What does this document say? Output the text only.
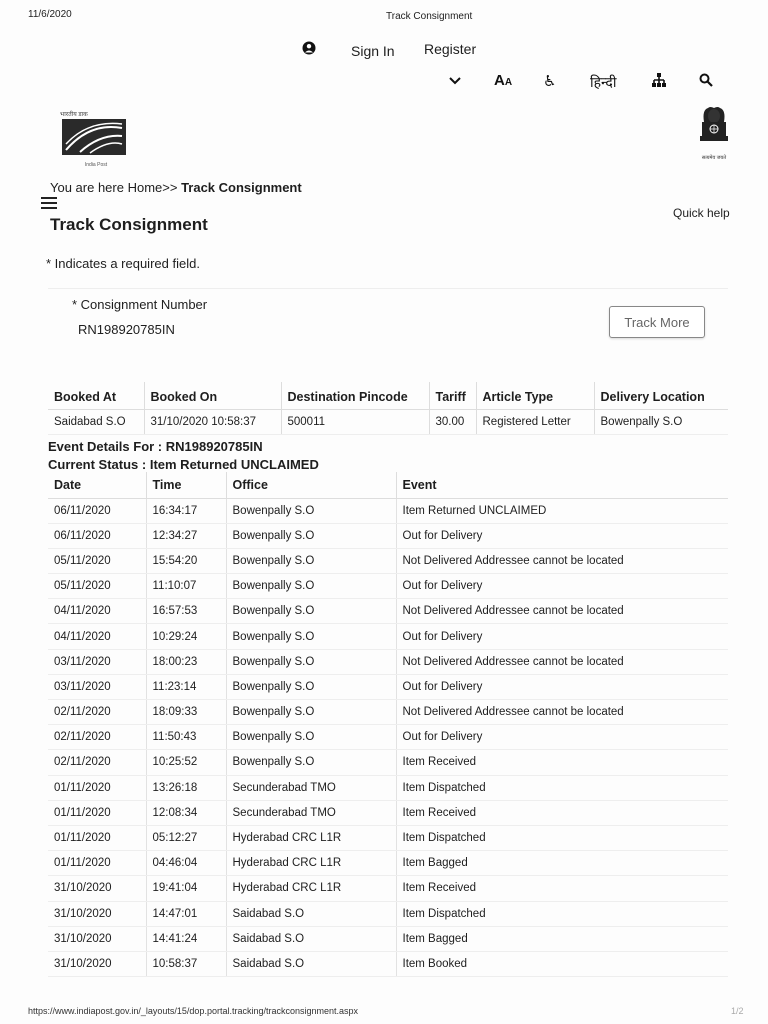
11/6/2020	Track Consignment
Sign In Register
AA ♿ हिन्दी
भारतीय डाक
India Post
सत्यमेव जयते
You are here Home>> Track Consignment
Track Consignment
Quick help
* Indicates a required field.
* Consignment Number
RN198920785IN	Track More
Booked At	Booked On	Destination Pincode	Tariff	Article Type	Delivery Location
Saidabad S.O	31/10/2020 10:58:37	500011	30.00	Registered Letter	Bowenpally S.O
Event Details For : RN198920785IN
Current Status : Item Returned UNCLAIMED
Date	Time	Office	Event
06/11/2020	16:34:17	Bowenpally S.O	Item Returned UNCLAIMED
06/11/2020	12:34:27	Bowenpally S.O	Out for Delivery
05/11/2020	15:54:20	Bowenpally S.O	Not Delivered Addressee cannot be located
05/11/2020	11:10:07	Bowenpally S.O	Out for Delivery
04/11/2020	16:57:53	Bowenpally S.O	Not Delivered Addressee cannot be located
04/11/2020	10:29:24	Bowenpally S.O	Out for Delivery
03/11/2020	18:00:23	Bowenpally S.O	Not Delivered Addressee cannot be located
03/11/2020	11:23:14	Bowenpally S.O	Out for Delivery
02/11/2020	18:09:33	Bowenpally S.O	Not Delivered Addressee cannot be located
02/11/2020	11:50:43	Bowenpally S.O	Out for Delivery
02/11/2020	10:25:52	Bowenpally S.O	Item Received
01/11/2020	13:26:18	Secunderabad TMO	Item Dispatched
01/11/2020	12:08:34	Secunderabad TMO	Item Received
01/11/2020	05:12:27	Hyderabad CRC L1R	Item Dispatched
01/11/2020	04:46:04	Hyderabad CRC L1R	Item Bagged
31/10/2020	19:41:04	Hyderabad CRC L1R	Item Received
31/10/2020	14:47:01	Saidabad S.O	Item Dispatched
31/10/2020	14:41:24	Saidabad S.O	Item Bagged
31/10/2020	10:58:37	Saidabad S.O	Item Booked
https://www.indiapost.gov.in/_layouts/15/dop.portal.tracking/trackconsignment.aspx	1/2
